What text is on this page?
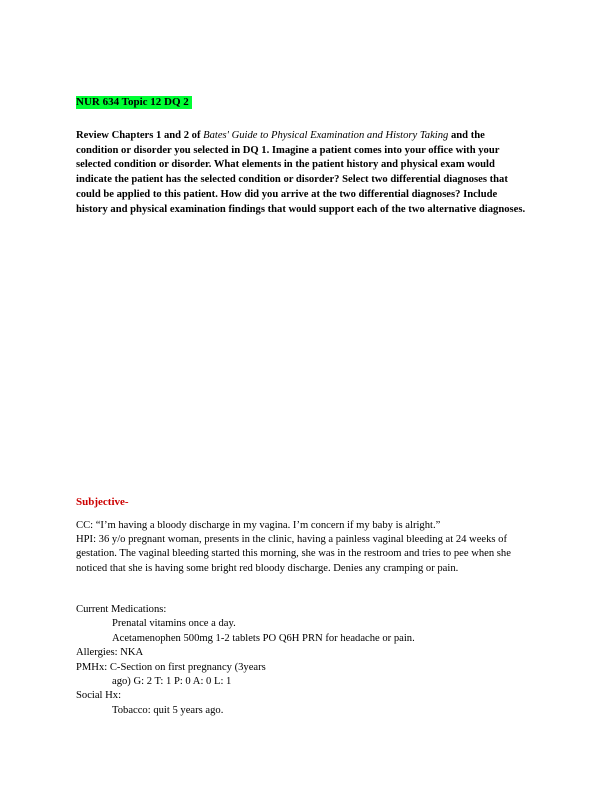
NUR 634 Topic 12 DQ 2
Review Chapters 1 and 2 of Bates' Guide to Physical Examination and History Taking and the condition or disorder you selected in DQ 1. Imagine a patient comes into your office with your selected condition or disorder. What elements in the patient history and physical exam would indicate the patient has the selected condition or disorder? Select two differential diagnoses that could be applied to this patient. How did you arrive at the two differential diagnoses? Include history and physical examination findings that would support each of the two alternative diagnoses.
Subjective-
CC: “I’m having a bloody discharge in my vagina. I’m concern if my baby is alright.”
HPI: 36 y/o pregnant woman, presents in the clinic, having a painless vaginal bleeding at 24 weeks of gestation. The vaginal bleeding started this morning, she was in the restroom and tries to pee when she noticed that she is having some bright red bloody discharge. Denies any cramping or pain.
Current Medications:
Prenatal vitamins once a day.
Acetamenophen 500mg 1-2 tablets PO Q6H PRN for headache or pain.
Allergies: NKA
PMHx: C-Section on first pregnancy (3years
ago) G: 2 T: 1 P: 0 A: 0 L: 1
Social Hx:
Tobacco: quit 5 years ago.
